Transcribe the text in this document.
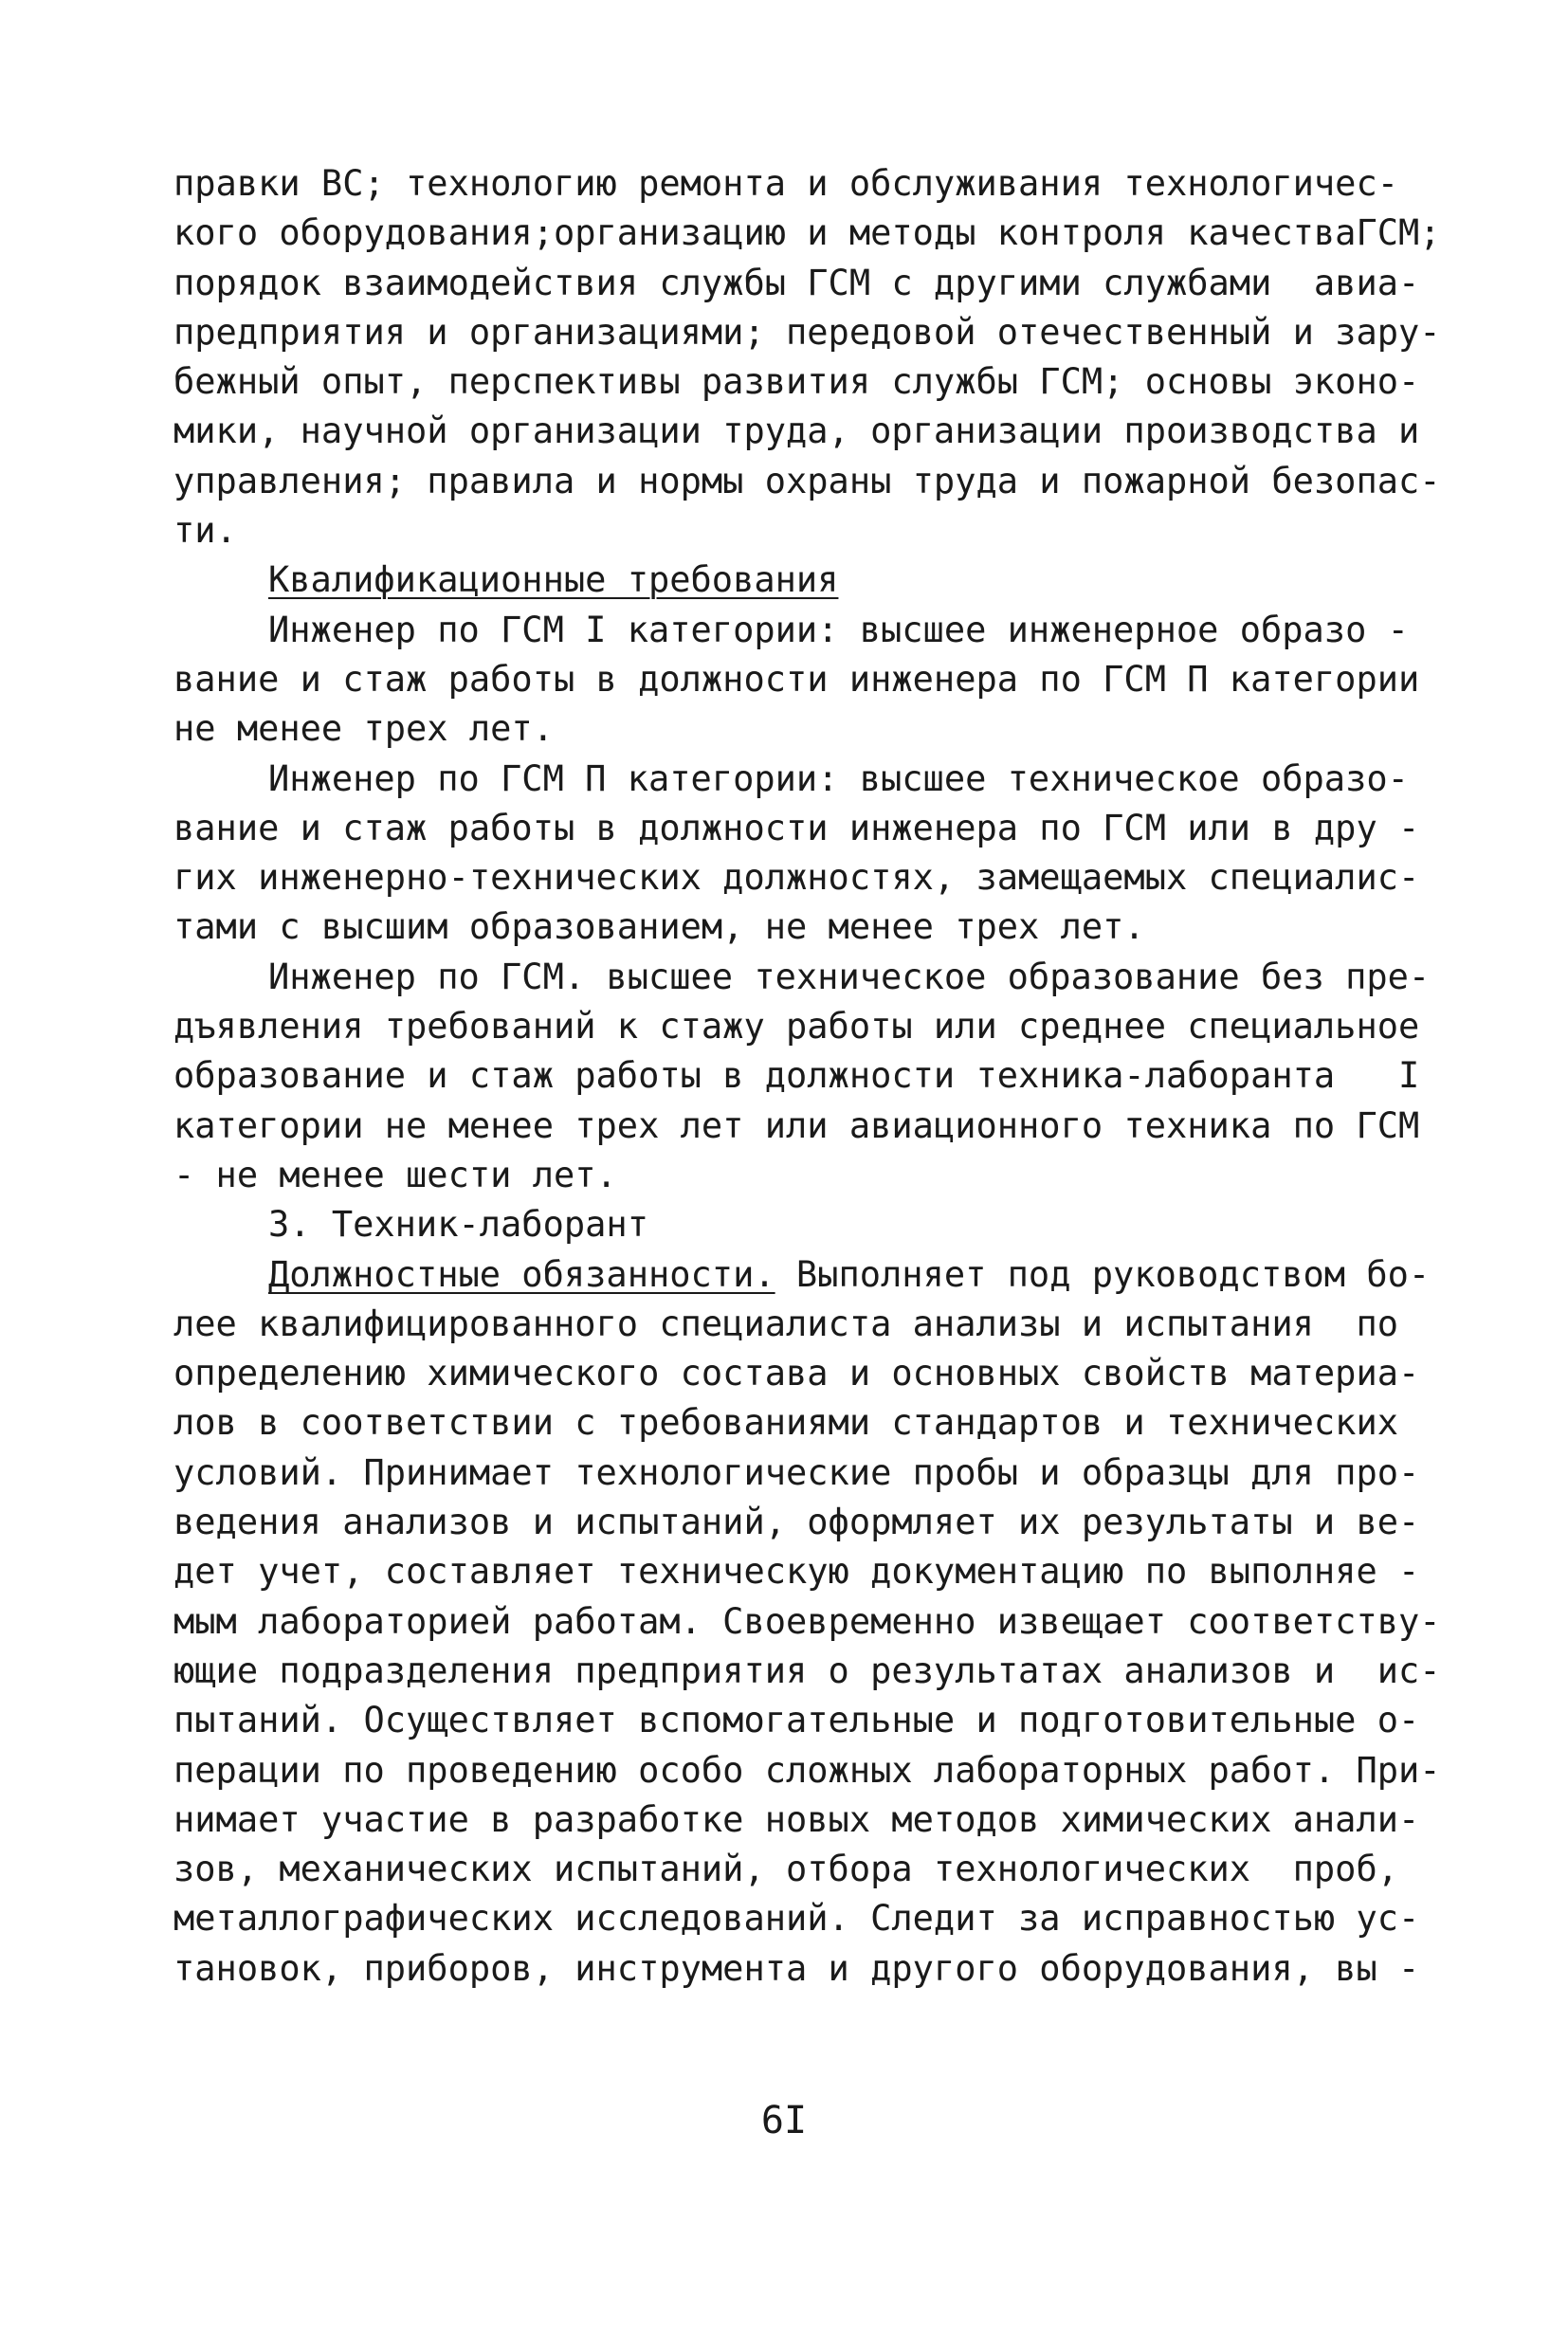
правки ВС; технологию ремонта и обслуживания технологичес-
кого оборудования;организацию и методы контроля качестваГСМ;
порядок взаимодействия службы ГСМ с другими службами  авиа-
предприятия и организациями; передовой отечественный и зару-
бежный опыт, перспективы развития службы ГСМ; основы эконо-
мики, научной организации труда, организации производства и
управления; правила и нормы охраны труда и пожарной безопас-
ти.
Квалификационные требования
Инженер по ГСМ I категории: высшее инженерное образо -
вание и стаж работы в должности инженера по ГСМ П категории
не менее трех лет.
Инженер по ГСМ П категории: высшее техническое образо-
вание и стаж работы в должности инженера по ГСМ или в дру -
гих инженерно-технических должностях, замещаемых специалис-
тами с высшим образованием, не менее трех лет.
Инженер по ГСМ. высшее техническое образование без пре-
дъявления требований к стажу работы или среднее специальное
образование и стаж работы в должности техника-лаборанта   I
категории не менее трех лет или авиационного техника по ГСМ
- не менее шести лет.
3. Техник-лаборант
Должностные обязанности. Выполняет под руководством бо-
лее квалифицированного специалиста анализы и испытания  по
определению химического состава и основных свойств материа-
лов в соответствии с требованиями стандартов и технических
условий. Принимает технологические пробы и образцы для про-
ведения анализов и испытаний, оформляет их результаты и ве-
дет учет, составляет техническую документацию по выполняе -
мым лабораторией работам. Своевременно извещает соответству-
ющие подразделения предприятия о результатах анализов и  ис-
пытаний. Осуществляет вспомогательные и подготовительные о-
перации по проведению особо сложных лабораторных работ. При-
нимает участие в разработке новых методов химических анали-
зов, механических испытаний, отбора технологических  проб,
металлографических исследований. Следит за исправностью ус-
тановок, приборов, инструмента и другого оборудования, вы -
6I
